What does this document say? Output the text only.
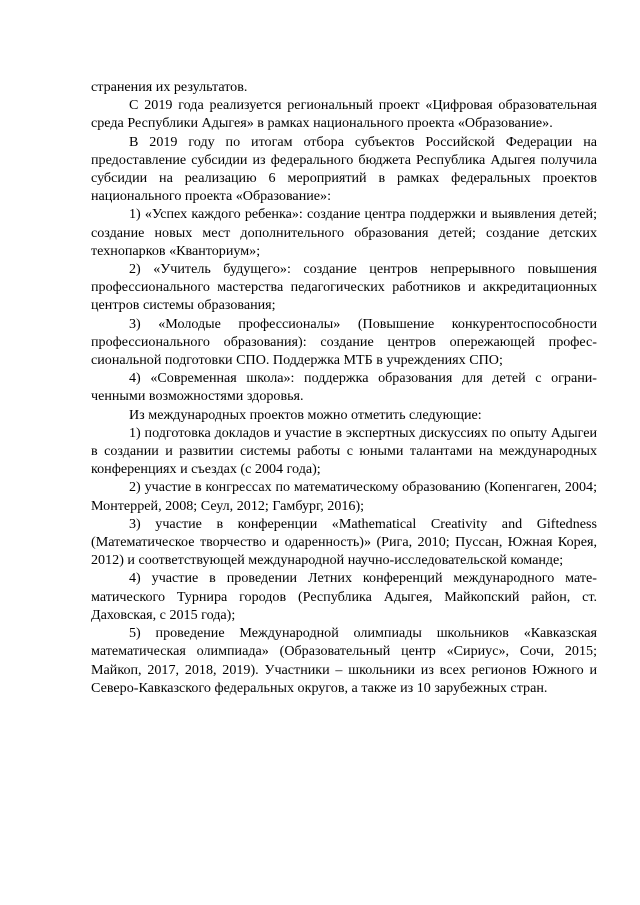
странения их результатов.

С 2019 года реализуется региональный проект «Цифровая образовательная среда Республики Адыгея» в рамках национального проекта «Образование».

В 2019 году по итогам отбора субъектов Российской Федерации на предоставление субсидии из федерального бюджета Республика Адыгея получила субсидии на реализацию 6 мероприятий в рамках федеральных проектов национального проекта «Образование»:

1) «Успех каждого ребенка»: создание центра поддержки и выявления детей; создание новых мест дополнительного образования детей; создание детских технопарков «Кванториум»;

2) «Учитель будущего»: создание центров непрерывного повышения профессионального мастерства педагогических работников и аккредитационных центров системы образования;

3) «Молодые профессионалы» (Повышение конкурентоспособности профессионального образования): создание центров опережающей профессиональной подготовки СПО. Поддержка МТБ в учреждениях СПО;

4) «Современная школа»: поддержка образования для детей с ограниченными возможностями здоровья.

Из международных проектов можно отметить следующие:

1) подготовка докладов и участие в экспертных дискуссиях по опыту Адыгеи в создании и развитии системы работы с юными талантами на международных конференциях и съездах (с 2004 года);

2) участие в конгрессах по математическому образованию (Копенгаген, 2004; Монтеррей, 2008; Сеул, 2012; Гамбург, 2016);

3) участие в конференции «Mathematical Creativity and Giftedness (Математическое творчество и одаренность)» (Рига, 2010; Пуссан, Южная Корея, 2012) и соответствующей международной научно-исследовательской команде;

4) участие в проведении Летних конференций международного математического Турнира городов (Республика Адыгея, Майкопский район, ст. Даховская, с 2015 года);

5) проведение Международной олимпиады школьников «Кавказская математическая олимпиада» (Образовательный центр «Сириус», Сочи, 2015; Майкоп, 2017, 2018, 2019). Участники – школьники из всех регионов Южного и Северо-Кавказского федеральных округов, а также из 10 зарубежных стран.
